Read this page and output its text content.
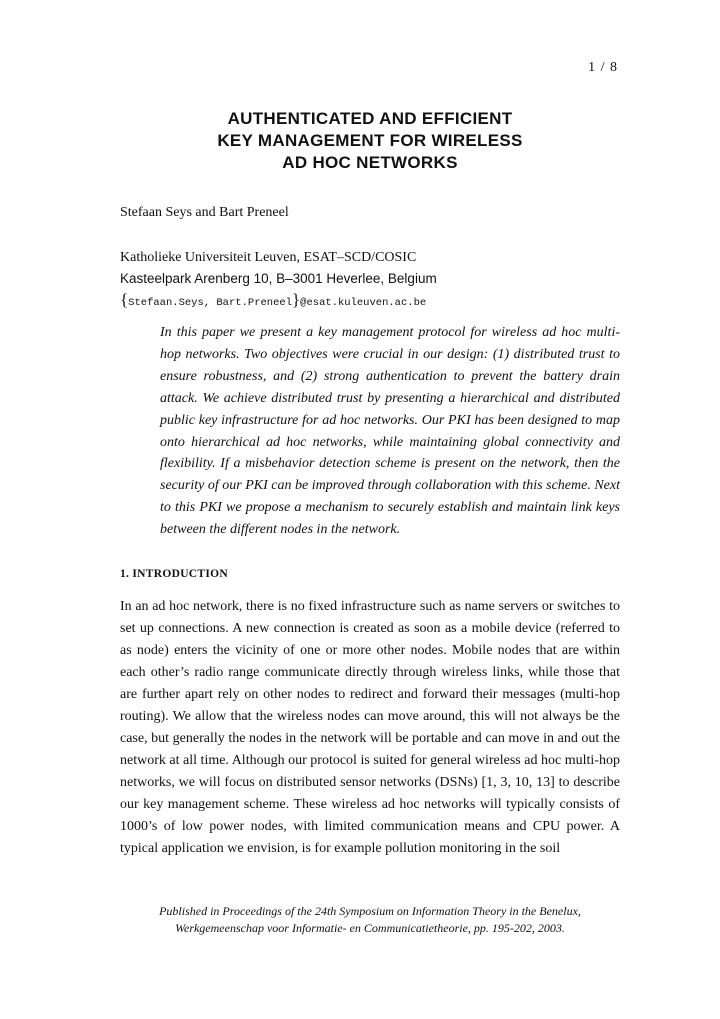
1 / 8
AUTHENTICATED AND EFFICIENT
KEY MANAGEMENT FOR WIRELESS
AD HOC NETWORKS
Stefaan Seys and Bart Preneel
Katholieke Universiteit Leuven, ESAT–SCD/COSIC
Kasteelpark Arenberg 10, B–3001 Heverlee, Belgium
{Stefaan.Seys, Bart.Preneel}@esat.kuleuven.ac.be
In this paper we present a key management protocol for wireless ad hoc multi-hop networks. Two objectives were crucial in our design: (1) distributed trust to ensure robustness, and (2) strong authentication to prevent the battery drain attack. We achieve distributed trust by presenting a hierarchical and distributed public key infrastructure for ad hoc networks. Our PKI has been designed to map onto hierarchical ad hoc networks, while maintaining global connectivity and flexibility. If a misbehavior detection scheme is present on the network, then the security of our PKI can be improved through collaboration with this scheme. Next to this PKI we propose a mechanism to securely establish and maintain link keys between the different nodes in the network.
1. INTRODUCTION
In an ad hoc network, there is no fixed infrastructure such as name servers or switches to set up connections. A new connection is created as soon as a mobile device (referred to as node) enters the vicinity of one or more other nodes. Mobile nodes that are within each other’s radio range communicate directly through wireless links, while those that are further apart rely on other nodes to redirect and forward their messages (multi-hop routing). We allow that the wireless nodes can move around, this will not always be the case, but generally the nodes in the network will be portable and can move in and out the network at all time. Although our protocol is suited for general wireless ad hoc multi-hop networks, we will focus on distributed sensor networks (DSNs) [1, 3, 10, 13] to describe our key management scheme. These wireless ad hoc networks will typically consists of 1000’s of low power nodes, with limited communication means and CPU power. A typical application we envision, is for example pollution monitoring in the soil
Published in Proceedings of the 24th Symposium on Information Theory in the Benelux, Werkgemeenschap voor Informatie- en Communicatietheorie, pp. 195-202, 2003.
